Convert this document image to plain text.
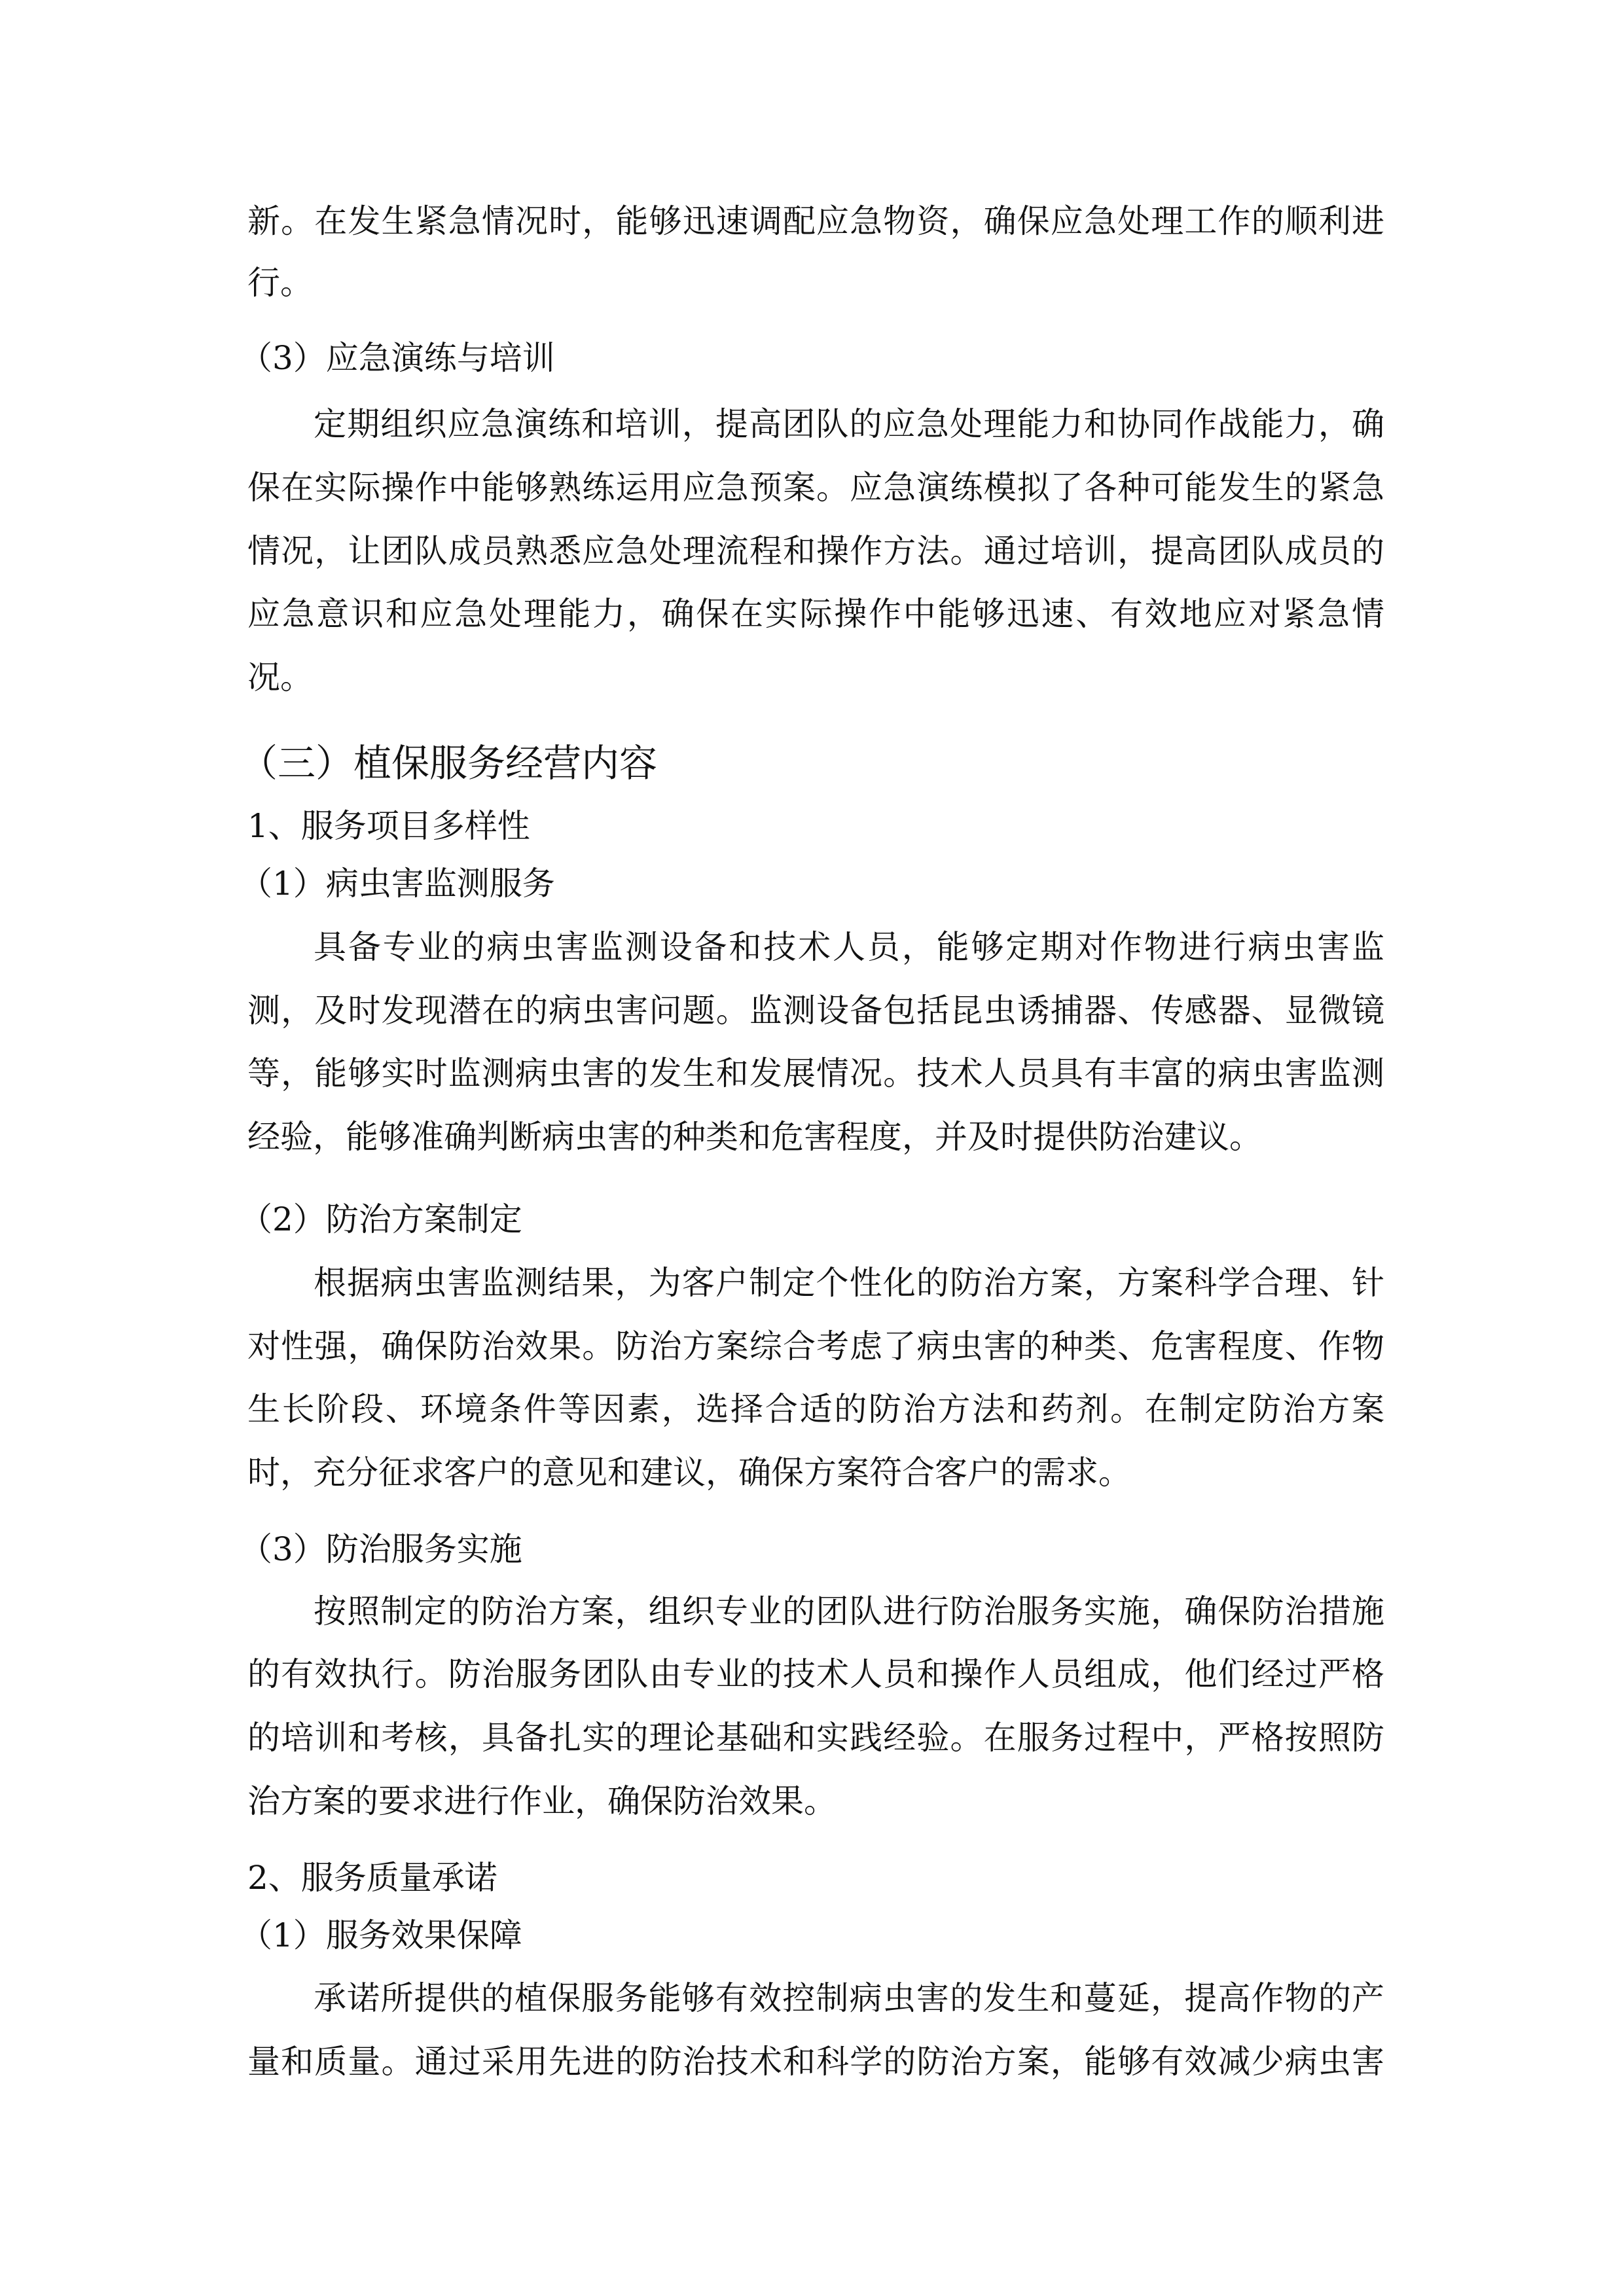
新。在发生紧急情况时，能够迅速调配应急物资，确保应急处理工作的顺利进
行。
（3）应急演练与培训
定期组织应急演练和培训，提高团队的应急处理能力和协同作战能力，确
保在实际操作中能够熟练运用应急预案。应急演练模拟了各种可能发生的紧急
情况，让团队成员熟悉应急处理流程和操作方法。通过培训，提高团队成员的
应急意识和应急处理能力，确保在实际操作中能够迅速、有效地应对紧急情
况。
（三）植保服务经营内容
1、服务项目多样性
（1）病虫害监测服务
具备专业的病虫害监测设备和技术人员，能够定期对作物进行病虫害监
测，及时发现潜在的病虫害问题。监测设备包括昆虫诱捕器、传感器、显微镜
等，能够实时监测病虫害的发生和发展情况。技术人员具有丰富的病虫害监测
经验，能够准确判断病虫害的种类和危害程度，并及时提供防治建议。
（2）防治方案制定
根据病虫害监测结果，为客户制定个性化的防治方案，方案科学合理、针
对性强，确保防治效果。防治方案综合考虑了病虫害的种类、危害程度、作物
生长阶段、环境条件等因素，选择合适的防治方法和药剂。在制定防治方案
时，充分征求客户的意见和建议，确保方案符合客户的需求。
（3）防治服务实施
按照制定的防治方案，组织专业的团队进行防治服务实施，确保防治措施
的有效执行。防治服务团队由专业的技术人员和操作人员组成，他们经过严格
的培训和考核，具备扎实的理论基础和实践经验。在服务过程中，严格按照防
治方案的要求进行作业，确保防治效果。
2、服务质量承诺
（1）服务效果保障
承诺所提供的植保服务能够有效控制病虫害的发生和蔓延，提高作物的产
量和质量。通过采用先进的防治技术和科学的防治方案，能够有效减少病虫害
